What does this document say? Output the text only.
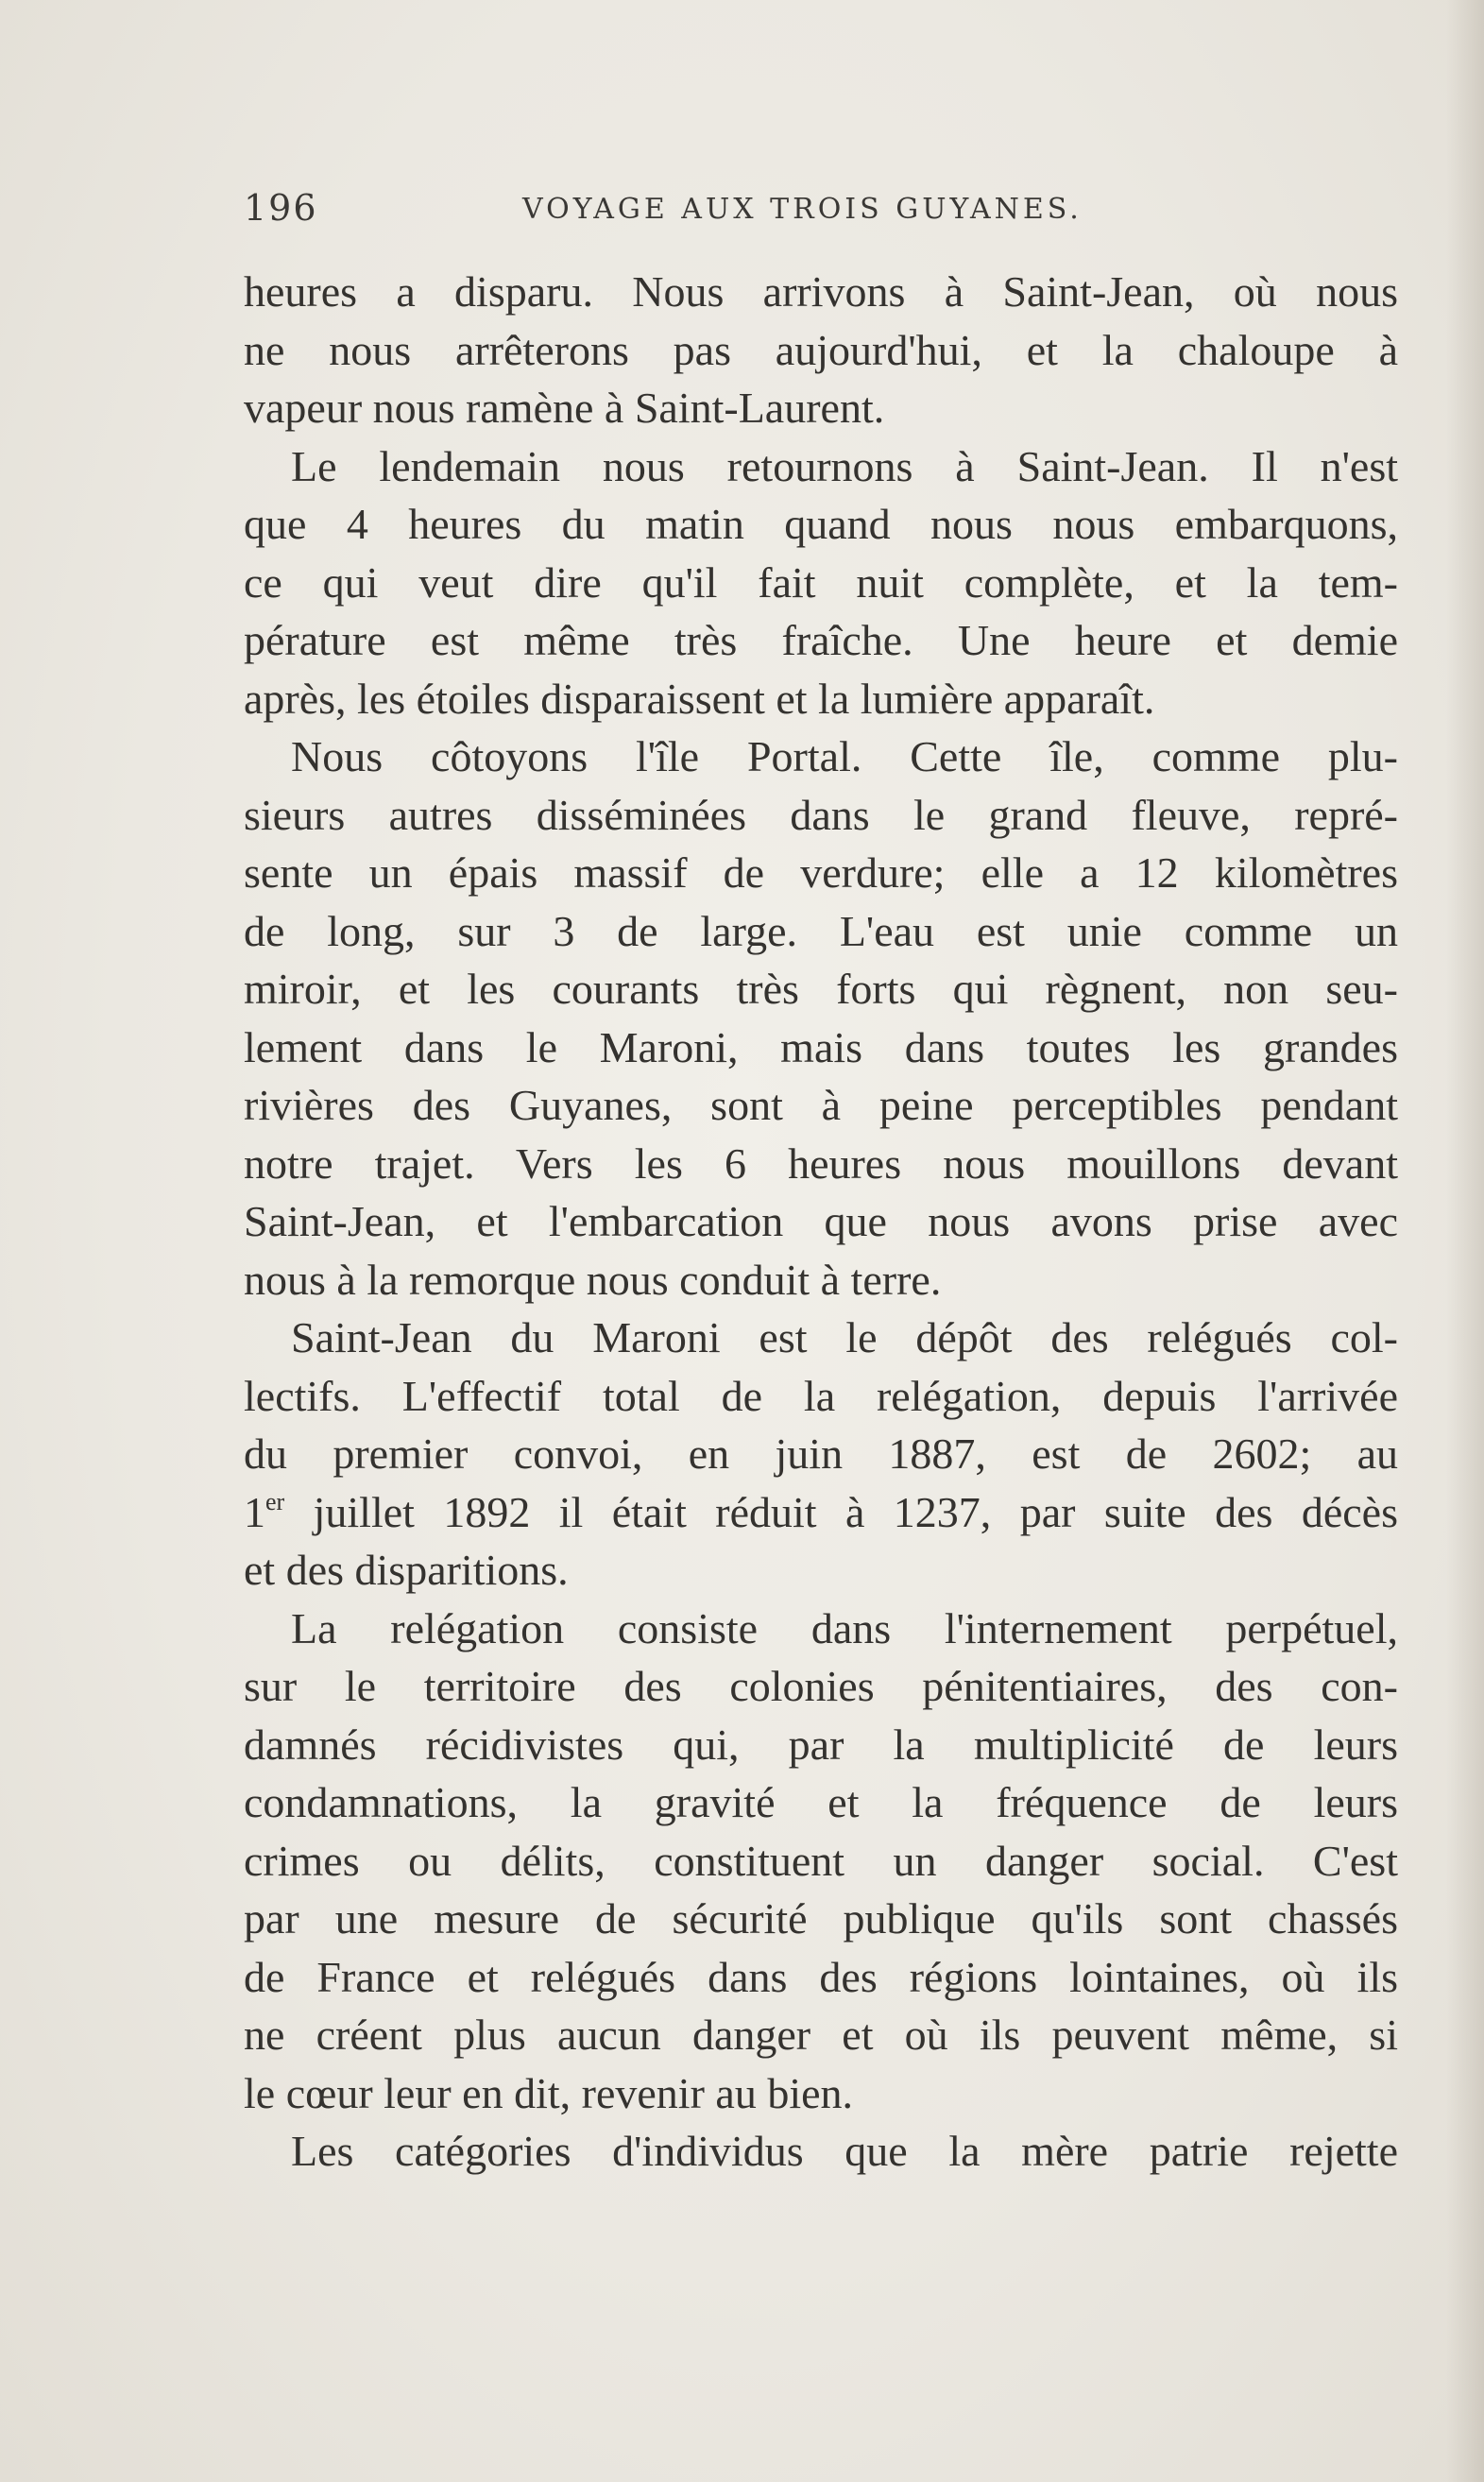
196	VOYAGE AUX TROIS GUYANES.
heures a disparu. Nous arrivons à Saint-Jean, où nous
ne nous arrêterons pas aujourd'hui, et la chaloupe à
vapeur nous ramène à Saint-Laurent.
Le lendemain nous retournons à Saint-Jean. Il n'est
que 4 heures du matin quand nous nous embarquons,
ce qui veut dire qu'il fait nuit complète, et la tem-
pérature est même très fraîche. Une heure et demie
après, les étoiles disparaissent et la lumière apparaît.
Nous côtoyons l'île Portal. Cette île, comme plu-
sieurs autres disséminées dans le grand fleuve, repré-
sente un épais massif de verdure; elle a 12 kilomètres
de long, sur 3 de large. L'eau est unie comme un
miroir, et les courants très forts qui règnent, non seu-
lement dans le Maroni, mais dans toutes les grandes
rivières des Guyanes, sont à peine perceptibles pendant
notre trajet. Vers les 6 heures nous mouillons devant
Saint-Jean, et l'embarcation que nous avons prise avec
nous à la remorque nous conduit à terre.
Saint-Jean du Maroni est le dépôt des relégués col-
lectifs. L'effectif total de la relégation, depuis l'arrivée
du premier convoi, en juin 1887, est de 2602; au
1er juillet 1892 il était réduit à 1237, par suite des décès
et des disparitions.
La relégation consiste dans l'internement perpétuel,
sur le territoire des colonies pénitentiaires, des con-
damnés récidivistes qui, par la multiplicité de leurs
condamnations, la gravité et la fréquence de leurs
crimes ou délits, constituent un danger social. C'est
par une mesure de sécurité publique qu'ils sont chassés
de France et relégués dans des régions lointaines, où ils
ne créent plus aucun danger et où ils peuvent même, si
le cœur leur en dit, revenir au bien.
Les catégories d'individus que la mère patrie rejette
